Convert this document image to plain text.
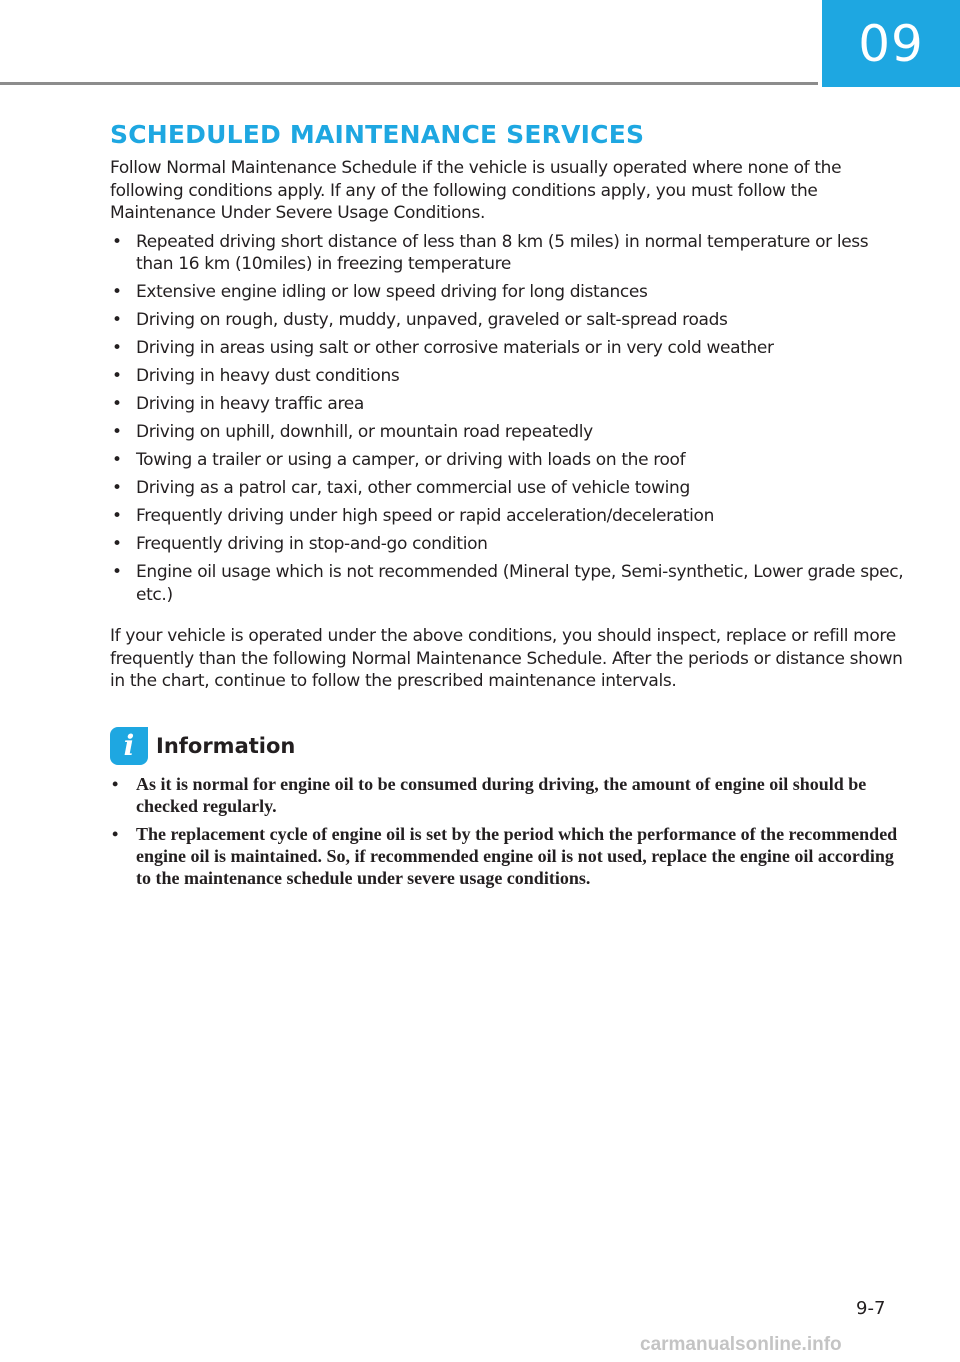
09
SCHEDULED MAINTENANCE SERVICES

Follow Normal Maintenance Schedule if the vehicle is usually operated where none of the following conditions apply. If any of the following conditions apply, you must follow the Maintenance Under Severe Usage Conditions.

• Repeated driving short distance of less than 8 km (5 miles) in normal temperature or less than 16 km (10miles) in freezing temperature
• Extensive engine idling or low speed driving for long distances
• Driving on rough, dusty, muddy, unpaved, graveled or salt-spread roads
• Driving in areas using salt or other corrosive materials or in very cold weather
• Driving in heavy dust conditions
• Driving in heavy traffic area
• Driving on uphill, downhill, or mountain road repeatedly
• Towing a trailer or using a camper, or driving with loads on the roof
• Driving as a patrol car, taxi, other commercial use of vehicle towing
• Frequently driving under high speed or rapid acceleration/deceleration
• Frequently driving in stop-and-go condition
• Engine oil usage which is not recommended (Mineral type, Semi-synthetic, Lower grade spec, etc.)

If your vehicle is operated under the above conditions, you should inspect, replace or refill more frequently than the following Normal Maintenance Schedule. After the periods or distance shown in the chart, continue to follow the prescribed maintenance intervals.

i	Information
• As it is normal for engine oil to be consumed during driving, the amount of engine oil should be checked regularly.
• The replacement cycle of engine oil is set by the period which the performance of the recommended engine oil is maintained. So, if recommended engine oil is not used, replace the engine oil according to the maintenance schedule under severe usage conditions.
9-7
carmanualsonline.info
